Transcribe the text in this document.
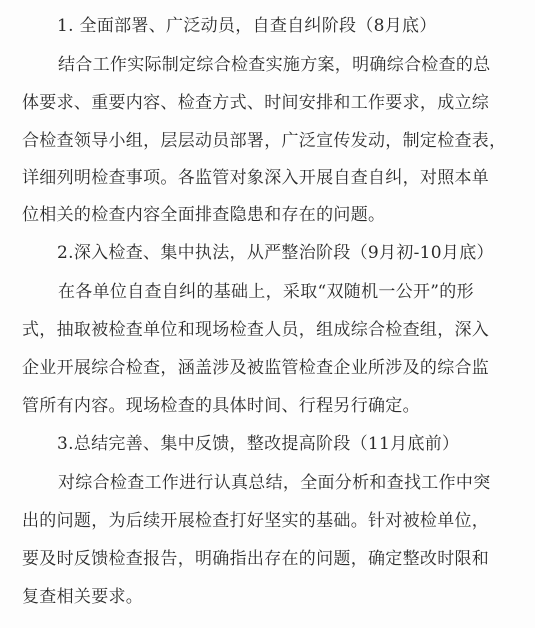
1. 全面部署、广泛动员，自查自纠阶段（8月底）
结合工作实际制定综合检查实施方案，明确综合检查的总
体要求、重要内容、检查方式、时间安排和工作要求，成立综
合检查领导小组，层层动员部署，广泛宣传发动，制定检查表，
详细列明检查事项。各监管对象深入开展自查自纠，对照本单
位相关的检查内容全面排查隐患和存在的问题。
2.深入检查、集中执法，从严整治阶段（9月初-10月底）
在各单位自查自纠的基础上，采取“双随机一公开”的形
式，抽取被检查单位和现场检查人员，组成综合检查组，深入
企业开展综合检查，涵盖涉及被监管检查企业所涉及的综合监
管所有内容。现场检查的具体时间、行程另行确定。
3.总结完善、集中反馈，整改提高阶段（11月底前）
对综合检查工作进行认真总结，全面分析和查找工作中突
出的问题，为后续开展检查打好坚实的基础。针对被检单位，
要及时反馈检查报告，明确指出存在的问题，确定整改时限和
复查相关要求。
